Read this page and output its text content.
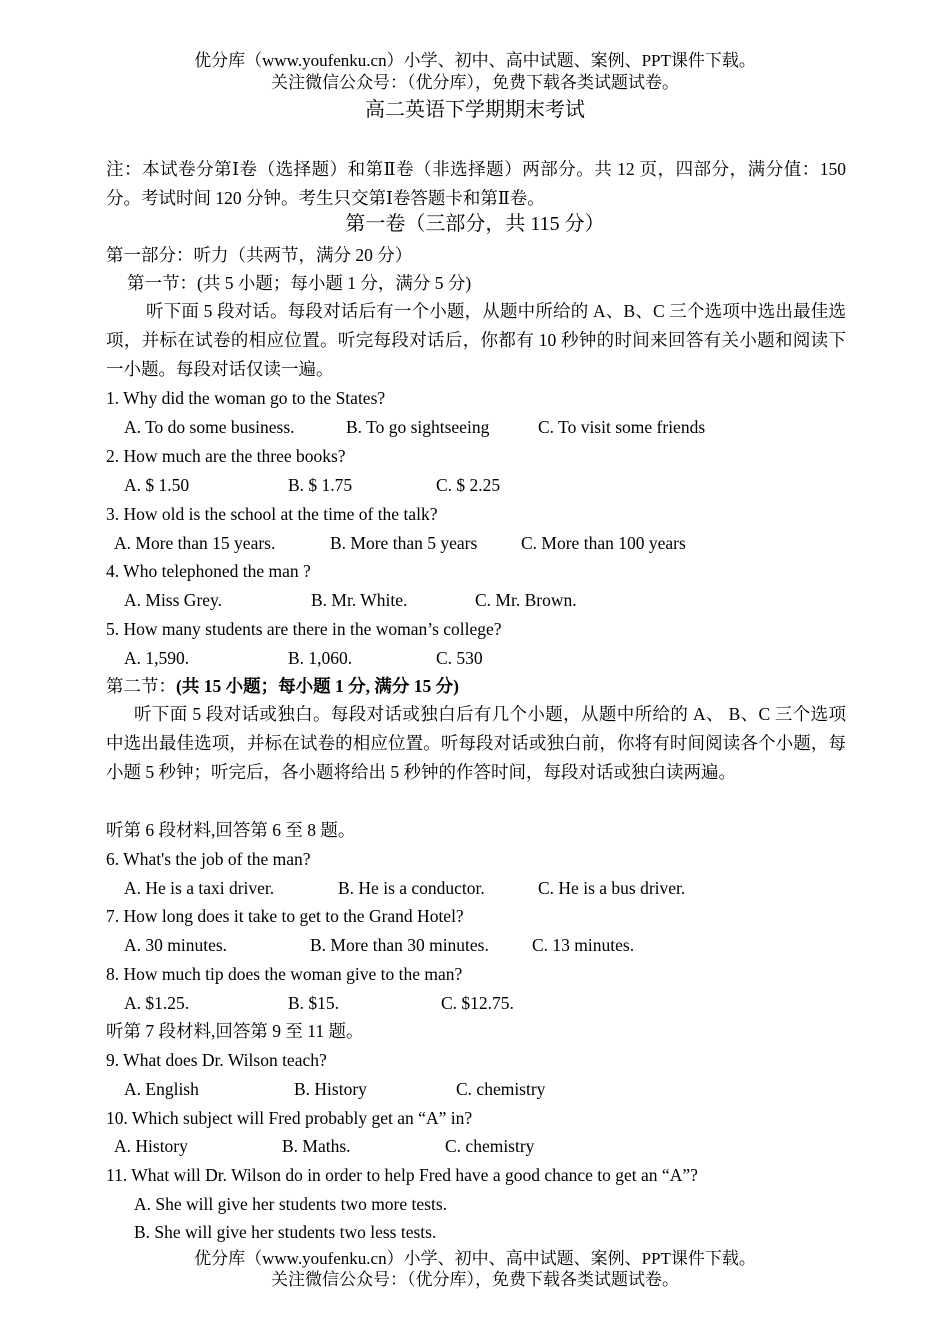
优分库（www.youfenku.cn）小学、初中、高中试题、案例、PPT课件下载。
关注微信公众号：（优分库），免费下载各类试题试卷。
高二英语下学期期末考试
注：本试卷分第Ⅰ卷（选择题）和第Ⅱ卷（非选择题）两部分。共 12 页，四部分，满分值：150 分。考试时间 120 分钟。考生只交第Ⅰ卷答题卡和第Ⅱ卷。
第一卷（三部分，共 115 分）
第一部分：听力（共两节，满分 20 分）
第一节：(共 5 小题；每小题 1 分，满分 5 分)
听下面 5 段对话。每段对话后有一个小题，从题中所给的 A、B、C 三个选项中选出最佳选项，并标在试卷的相应位置。听完每段对话后，你都有 10 秒钟的时间来回答有关小题和阅读下一小题。每段对话仅读一遍。
1. Why did the woman go to the States?
A. To do some business.	B. To go sightseeing	C. To visit some friends
2. How much are the three books?
A. $ 1.50	B. $ 1.75	C. $ 2.25
3. How old is the school at the time of the talk?
A. More than 15 years.	B. More than 5 years C. More than 100 years
4. Who telephoned the man ?
A. Miss Grey.	B. Mr. White.	C. Mr. Brown.
5. How many students are there in the woman’s college?
A. 1,590.	B. 1,060.	C. 530
第二节：(共 15 小题；每小题 1 分, 满分 15 分)
听下面 5 段对话或独白。每段对话或独白后有几个小题，从题中所给的 A、 B、C 三个选项中选出最佳选项，并标在试卷的相应位置。听每段对话或独白前，你将有时间阅读各个小题，每小题 5 秒钟；听完后，各小题将给出 5 秒钟的作答时间，每段对话或独白读两遍。
听第 6 段材料,回答第 6 至 8 题。
6. What's the job of the man?
A. He is a taxi driver.	B. He is a conductor.	C. He is a bus driver.
7. How long does it take to get to the Grand Hotel?
A. 30 minutes.	B. More than 30 minutes. C. 13 minutes.
8. How much tip does the woman give to the man?
A. $1.25.	B. $15.	C. $12.75.
听第 7 段材料,回答第 9 至 11 题。
9. What does Dr. Wilson teach?
A. English	B. History	C. chemistry
10. Which subject will Fred probably get an “A” in?
A. History	B. Maths.	C. chemistry
11. What will Dr. Wilson do in order to help Fred have a good chance to get an “A”?
A. She will give her students two more tests.
B. She will give her students two less tests.
优分库（www.youfenku.cn）小学、初中、高中试题、案例、PPT课件下载。
关注微信公众号：（优分库），免费下载各类试题试卷。
